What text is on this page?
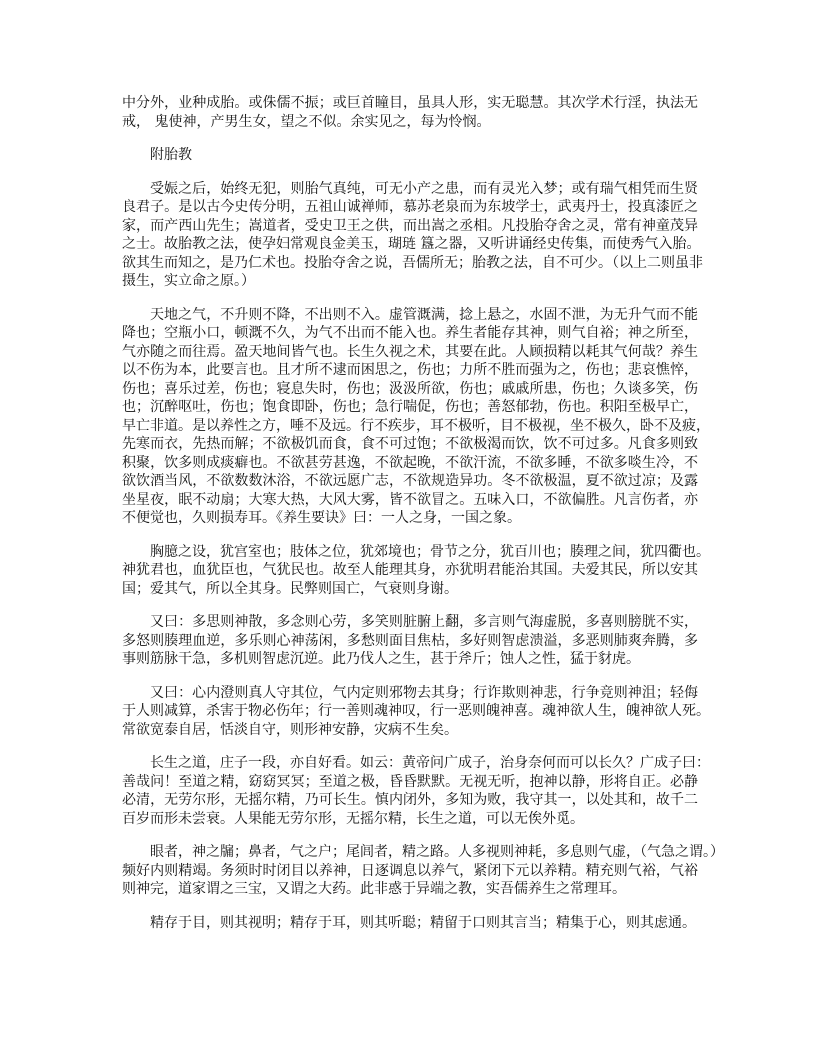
中分外，业种成胎。或侏儒不振；或巨首瞳目，虽具人形，实无聪慧。其次学术行淫，执法无
戒， 鬼使神，产男生女，望之不似。余实见之，每为怜悯。
附胎教
受娠之后，始终无犯，则胎气真纯，可无小产之患，而有灵光入梦；或有瑞气相凭而生贤
良君子。是以古今史传分明，五祖山诚禅师，慕苏老泉而为东坡学士，武夷丹士，投真漆匠之
家，而产西山先生；嵩道者，受史卫王之供，而出嵩之丞相。凡投胎夺舍之灵，常有神童茂异
之士。故胎教之法，使孕妇常观良金美玉，瑚琏 簋之器，又听讲诵经史传集，而使秀气入胎。
欲其生而知之，是乃仁术也。投胎夺舍之说，吾儒所无；胎教之法，自不可少。（以上二则虽非
摄生，实立命之原。）
天地之气，不升则不降，不出则不入。虚管溉满，捻上悬之，水固不泄，为无升气而不能
降也；空瓶小口，顿溉不久，为气不出而不能入也。养生者能存其神，则气自裕；神之所至，
气亦随之而往焉。盈天地间皆气也。长生久视之术，其要在此。人顾损精以耗其气何哉？养生
以不伤为本，此要言也。且才所不逮而困思之，伤也；力所不胜而强为之，伤也；悲哀憔悴，
伤也；喜乐过差，伤也；寝息失时，伤也；汲汲所欲，伤也；戚戚所患，伤也；久谈多笑，伤
也；沉醉呕吐，伤也；饱食即卧，伤也；急行喘促，伤也；善怒郁勃，伤也。积阳至极早亡，
早亡非道。是以养性之方，唾不及远。行不疾步，耳不极听，目不极视，坐不极久，卧不及疲，
先寒而衣，先热而解；不欲极饥而食，食不可过饱；不欲极渴而饮，饮不可过多。凡食多则致
积聚，饮多则成痰癖也。不欲甚劳甚逸，不欲起晚，不欲汗流，不欲多睡，不欲多啖生冷，不
欲饮酒当风，不欲数数沐浴，不欲远愿广志，不欲规造异功。冬不欲极温，夏不欲过凉；及露
坐星夜，眠不动扇；大寒大热，大风大雾，皆不欲冒之。五味入口，不欲偏胜。凡言伤者，亦
不便觉也，久则损寿耳。《养生要诀》曰：一人之身，一国之象。
胸臆之设，犹宫室也；肢体之位，犹郊境也；骨节之分，犹百川也；腠理之间，犹四衢也。
神犹君也，血犹臣也，气犹民也。故至人能理其身，亦犹明君能治其国。夫爱其民，所以安其
国；爱其气，所以全其身。民弊则国亡，气衰则身谢。
又曰：多思则神散，多念则心劳，多笑则脏腑上翻，多言则气海虚脱，多喜则膀胱不实，
多怒则腠理血逆，多乐则心神荡闲，多愁则面目焦枯，多好则智虑溃溢，多恶则肺爽奔腾，多
事则筋脉干急，多机则智虑沉逆。此乃伐人之生，甚于斧斤；蚀人之性，猛于豺虎。
又曰：心内澄则真人守其位，气内定则邪物去其身；行诈欺则神悲，行争竞则神沮；轻侮
于人则减算，杀害于物必伤年；行一善则魂神叹，行一恶则魄神喜。魂神欲人生，魄神欲人死。
常欲宽泰自居，恬淡自守，则形神安静，灾病不生矣。
长生之道，庄子一段，亦自好看。如云：黄帝问广成子，治身奈何而可以长久？广成子曰：
善哉问！至道之精，窈窈冥冥；至道之极，昏昏默默。无视无听，抱神以静，形将自正。必静
必清，无劳尔形，无摇尔精，乃可长生。慎内闭外，多知为败，我守其一，以处其和，故千二
百岁而形未尝衰。人果能无劳尔形，无摇尔精，长生之道，可以无俟外觅。
眼者，神之牖；鼻者，气之户；尾闾者，精之路。人多视则神耗，多息则气虚，（气急之谓。）
频好内则精竭。务须时时闭目以养神，日逐调息以养气，紧闭下元以养精。精充则气裕，气裕
则神完，道家谓之三宝，又谓之大药。此非惑于异端之教，实吾儒养生之常理耳。
精存于目，则其视明；精存于耳，则其听聪；精留于口则其言当；精集于心，则其虑通。
